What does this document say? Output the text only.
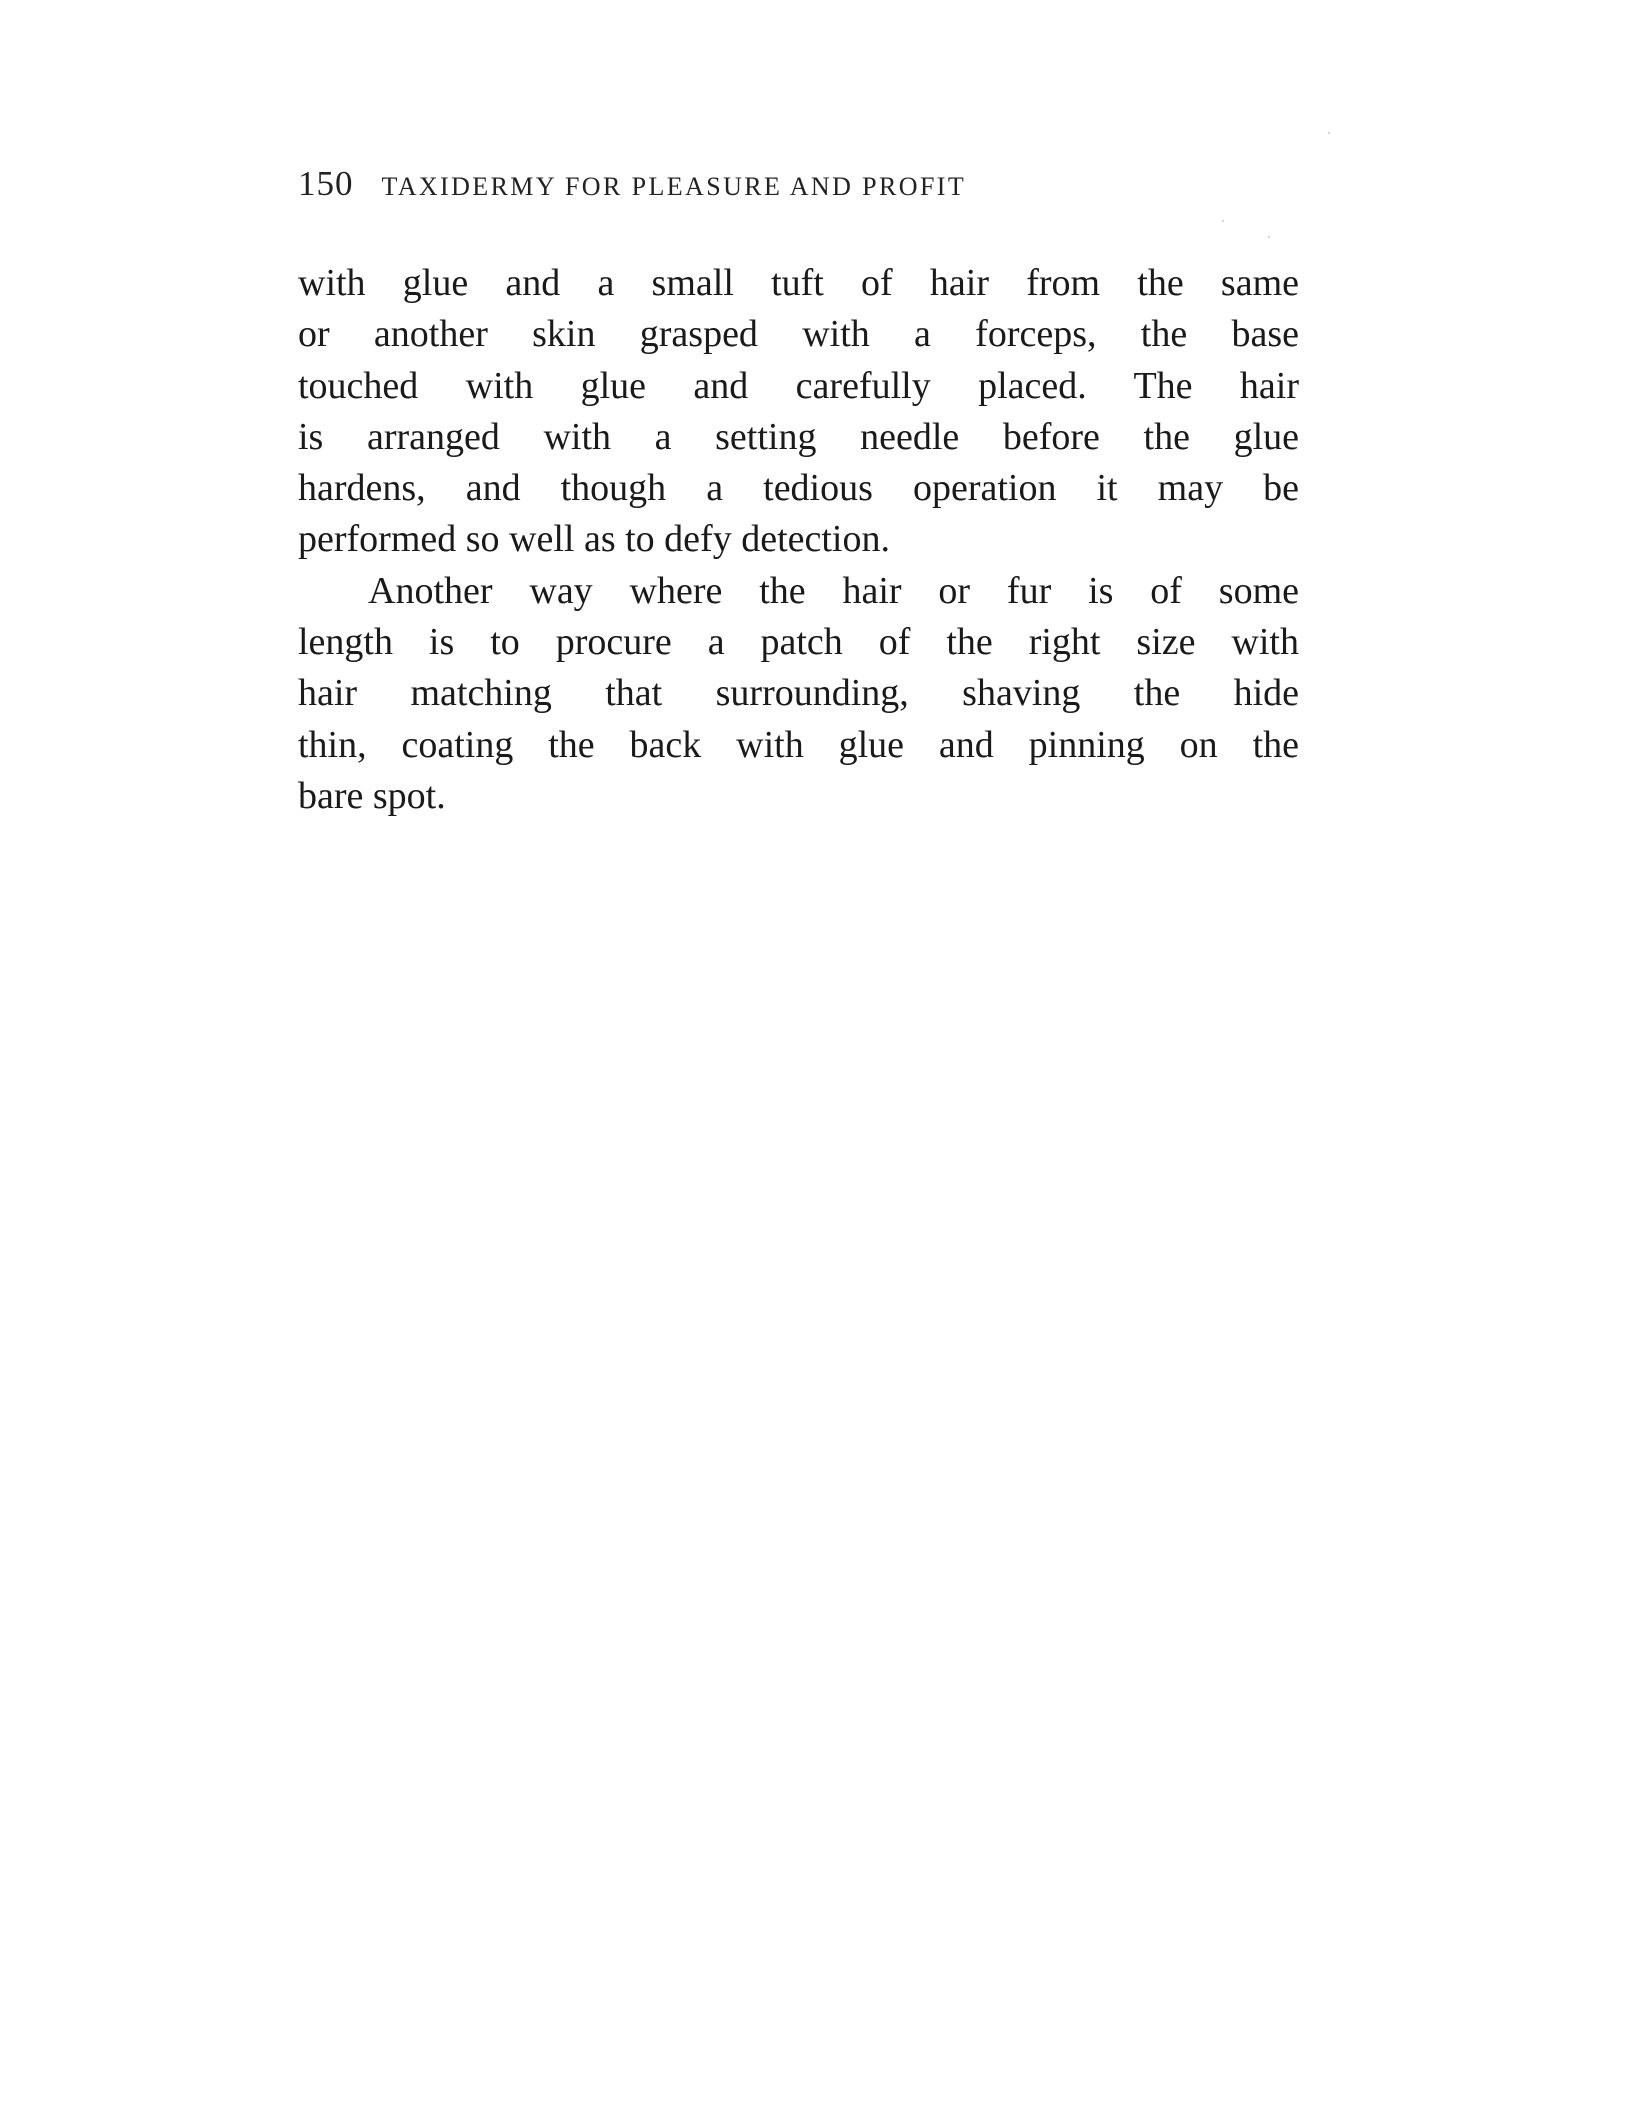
150 TAXIDERMY FOR PLEASURE AND PROFIT
with glue and a small tuft of hair from the same
or another skin grasped with a forceps, the base
touched with glue and carefully placed. The hair
is arranged with a setting needle before the glue
hardens, and though a tedious operation it may be
performed so well as to defy detection.
Another way where the hair or fur is of some
length is to procure a patch of the right size with
hair matching that surrounding, shaving the hide
thin, coating the back with glue and pinning on the
bare spot.
